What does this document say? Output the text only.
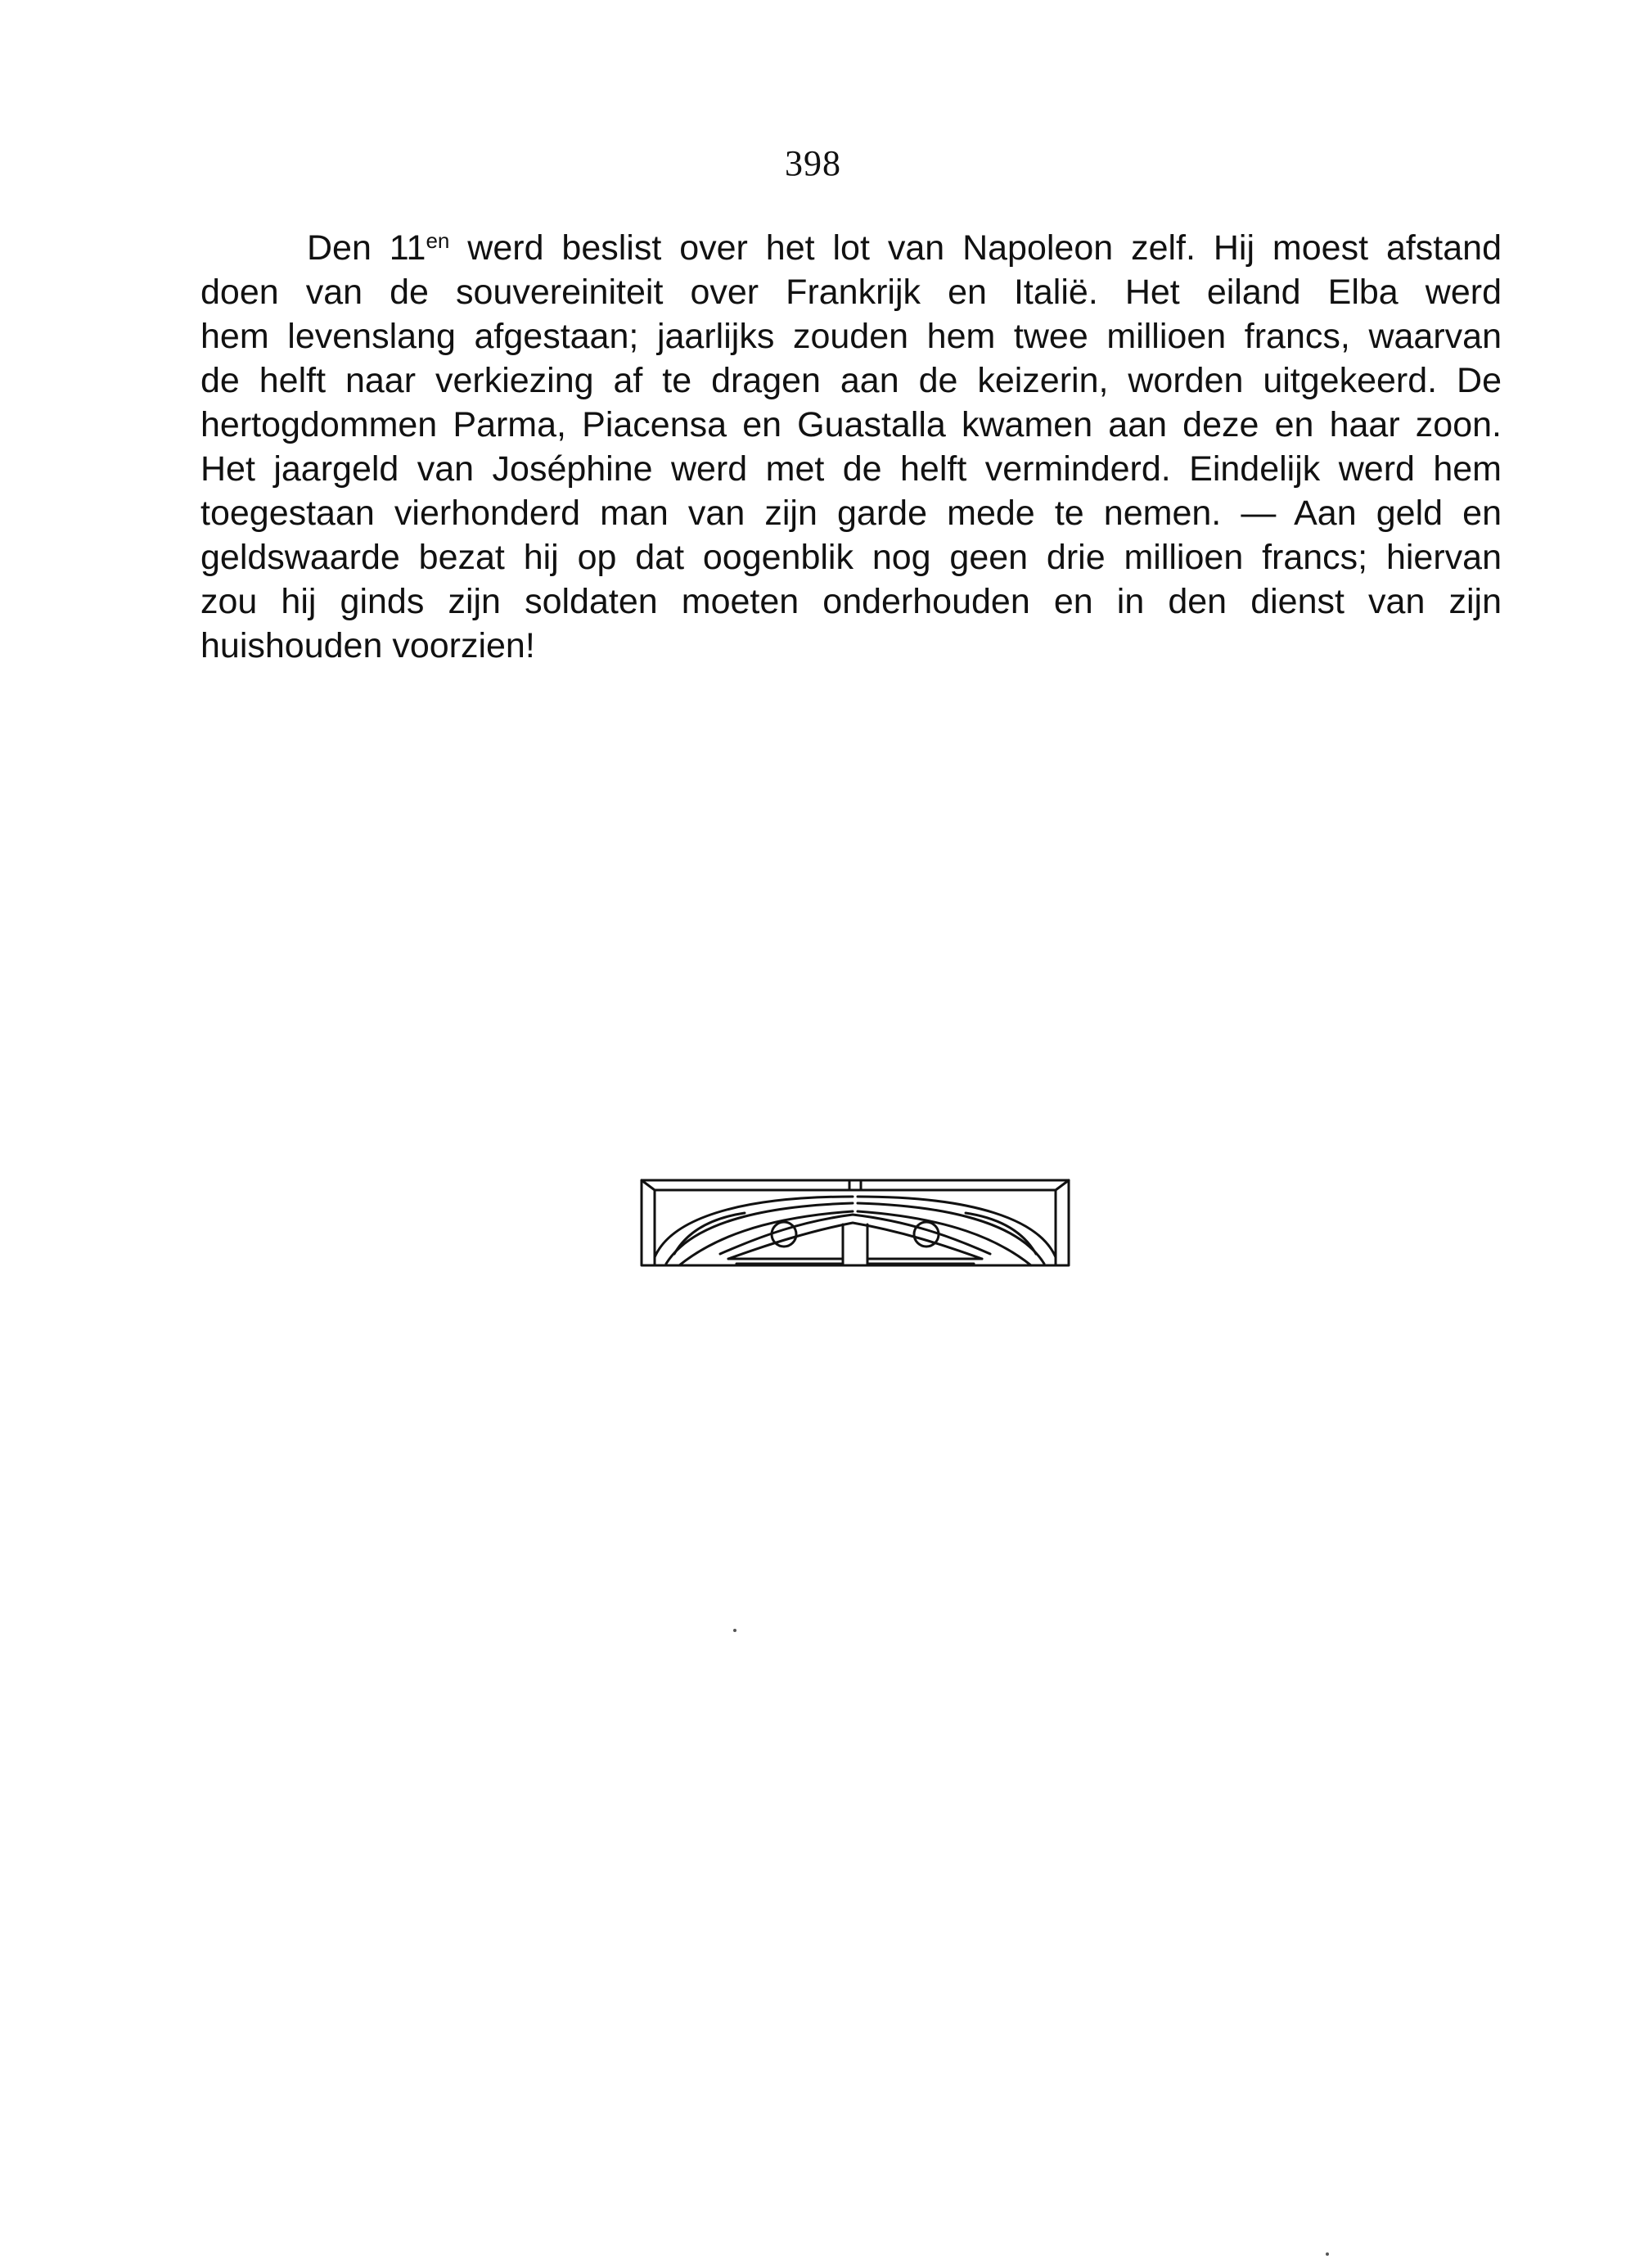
398
Den $11^{en}$ werd beslist over het lot van Napoleon zelf. Hij moest afstand
doen van de souvereiniteit over Frankrijk en Italië. Het eiland Elba werd
hem levenslang afgestaan; jaarlijks zouden hem twee millioen francs, waarvan
de helft naar verkiezing af te dragen aan de keizerin, worden uitgekeerd. De
hertogdommen Parma, Piacensa en Guastalla kwamen aan deze en haar zoon.
Het jaargeld van Joséphine werd met de helft verminderd. Eindelijk werd hem
toegestaan vierhonderd man van zijn garde mede te nemen. — Aan geld en
geldswaarde bezat hij op dat oogenblik nog geen drie millioen francs; hiervan
zou hij ginds zijn soldaten moeten onderhouden en in den dienst van zijn
huishouden voorzien!
